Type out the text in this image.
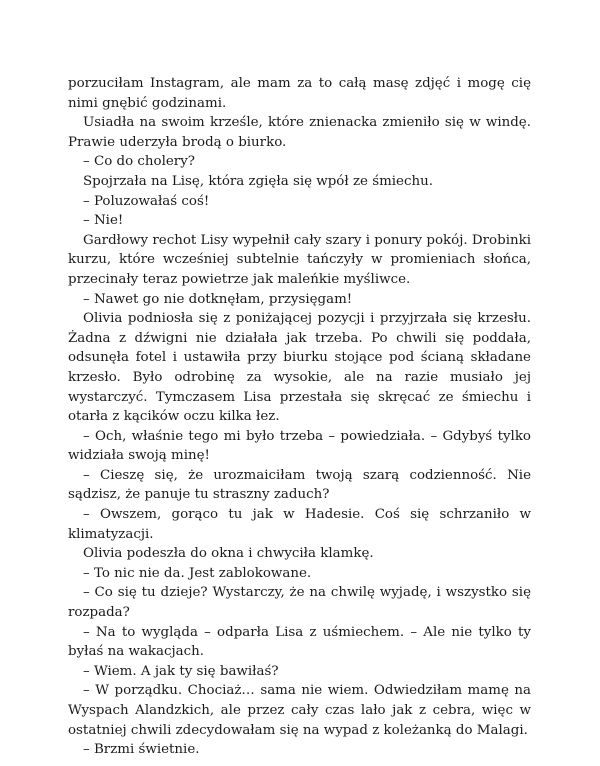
porzuciłam Instagram, ale mam za to całą masę zdjęć i mogę cię nimi gnębić godzinami.

Usiadła na swoim krześle, które znienacka zmieniło się w windę. Prawie uderzyła brodą o biurko.

– Co do cholery?

Spojrzała na Lisę, która zgięła się wpół ze śmiechu.

– Poluzowałaś coś!

– Nie!

Gardłowy rechot Lisy wypełnił cały szary i ponury pokój. Drobinki kurzu, które wcześniej subtelnie tańczyły w promieniach słońca, przecinały teraz powietrze jak maleńkie myśliwce.

– Nawet go nie dotknęłam, przysięgam!

Olivia podniosła się z poniżającej pozycji i przyjrzała się krzesłu. Żadna z dźwigni nie działała jak trzeba. Po chwili się poddała, odsunęła fotel i ustawiła przy biurku stojące pod ścianą składane krzesło. Było odrobinę za wysokie, ale na razie musiało jej wystarczyć. Tymczasem Lisa przestała się skręcać ze śmiechu i otarła z kącików oczu kilka łez.

– Och, właśnie tego mi było trzeba – powiedziała. – Gdybyś tylko widziała swoją minę!

– Cieszę się, że urozmaiciłam twoją szarą codzienność. Nie sądzisz, że panuje tu straszny zaduch?

– Owszem, gorąco tu jak w Hadesie. Coś się schrzaniło w klimatyzacji.

Olivia podeszła do okna i chwyciła klamkę.

– To nic nie da. Jest zablokowane.

– Co się tu dzieje? Wystarczy, że na chwilę wyjadę, i wszystko się rozpada?

– Na to wygląda – odparła Lisa z uśmiechem. – Ale nie tylko ty byłaś na wakacjach.

– Wiem. A jak ty się bawiłaś?

– W porządku. Chociaż… sama nie wiem. Odwiedziłam mamę na Wyspach Alandzkich, ale przez cały czas lało jak z cebra, więc w ostatniej chwili zdecydowałam się na wypad z koleżanką do Malagi.

– Brzmi świetnie.
